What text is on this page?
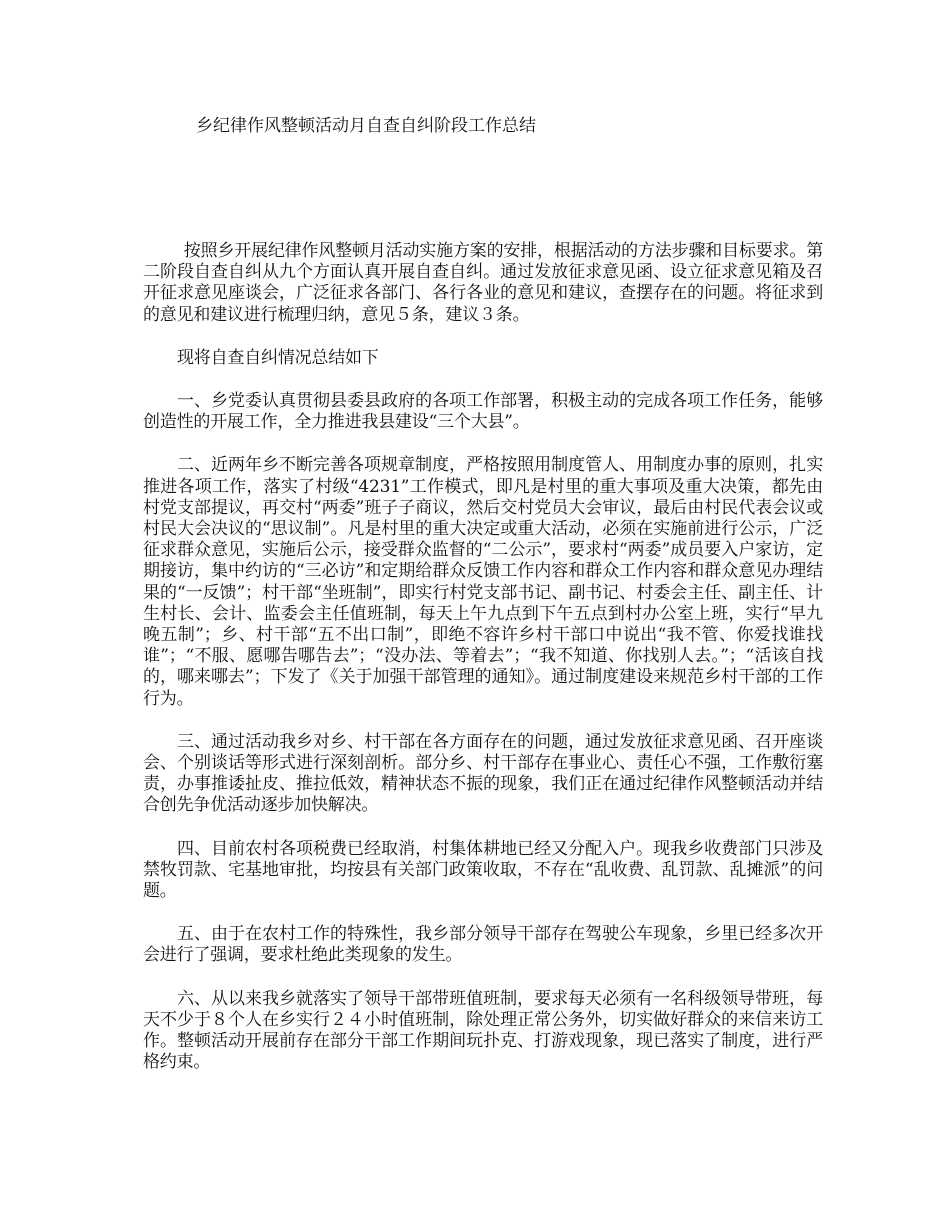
乡纪律作风整顿活动月自查自纠阶段工作总结

按照乡开展纪律作风整顿月活动实施方案的安排，根据活动的方法步骤和目标要求。第二阶段自查自纠从九个方面认真开展自查自纠。通过发放征求意见函、设立征求意见箱及召开征求意见座谈会，广泛征求各部门、各行各业的意见和建议，查摆存在的问题。将征求到的意见和建议进行梳理归纳，意见５条，建议３条。

现将自查自纠情况总结如下

一、乡党委认真贯彻县委县政府的各项工作部署，积极主动的完成各项工作任务，能够创造性的开展工作，全力推进我县建设“三个大县”。

二、近两年乡不断完善各项规章制度，严格按照用制度管人、用制度办事的原则，扎实推进各项工作，落实了村级“4231”工作模式，即凡是村里的重大事项及重大决策，都先由村党支部提议，再交村“两委”班子子商议，然后交村党员大会审议，最后由村民代表会议或村民大会决议的“思议制”。凡是村里的重大决定或重大活动，必须在实施前进行公示，广泛征求群众意见，实施后公示，接受群众监督的“二公示”，要求村“两委”成员要入户家访，定期接访，集中约访的“三必访”和定期给群众反馈工作内容和群众工作内容和群众意见办理结果的“一反馈”；村干部“坐班制”，即实行村党支部书记、副书记、村委会主任、副主任、计生村长、会计、监委会主任值班制，每天上午九点到下午五点到村办公室上班，实行“早九晚五制”；乡、村干部“五不出口制”，即绝不容许乡村干部口中说出“我不管、你爱找谁找谁”；“不服、愿哪告哪告去”；“没办法、等着去”；“我不知道、你找别人去。”；“活该自找的，哪来哪去”；下发了《关于加强干部管理的通知》。通过制度建设来规范乡村干部的工作行为。

三、通过活动我乡对乡、村干部在各方面存在的问题，通过发放征求意见函、召开座谈会、个别谈话等形式进行深刻剖析。部分乡、村干部存在事业心、责任心不强，工作敷衍塞责，办事推诿扯皮、推拉低效，精神状态不振的现象，我们正在通过纪律作风整顿活动并结合创先争优活动逐步加快解决。

四、目前农村各项税费已经取消，村集体耕地已经又分配入户。现我乡收费部门只涉及禁牧罚款、宅基地审批，均按县有关部门政策收取，不存在“乱收费、乱罚款、乱摊派”的问题。

五、由于在农村工作的特殊性，我乡部分领导干部存在驾驶公车现象，乡里已经多次开会进行了强调，要求杜绝此类现象的发生。

六、从以来我乡就落实了领导干部带班值班制，要求每天必须有一名科级领导带班，每天不少于８个人在乡实行２４小时值班制，除处理正常公务外，切实做好群众的来信来访工作。整顿活动开展前存在部分干部工作期间玩扑克、打游戏现象，现已落实了制度，进行严格约束。
